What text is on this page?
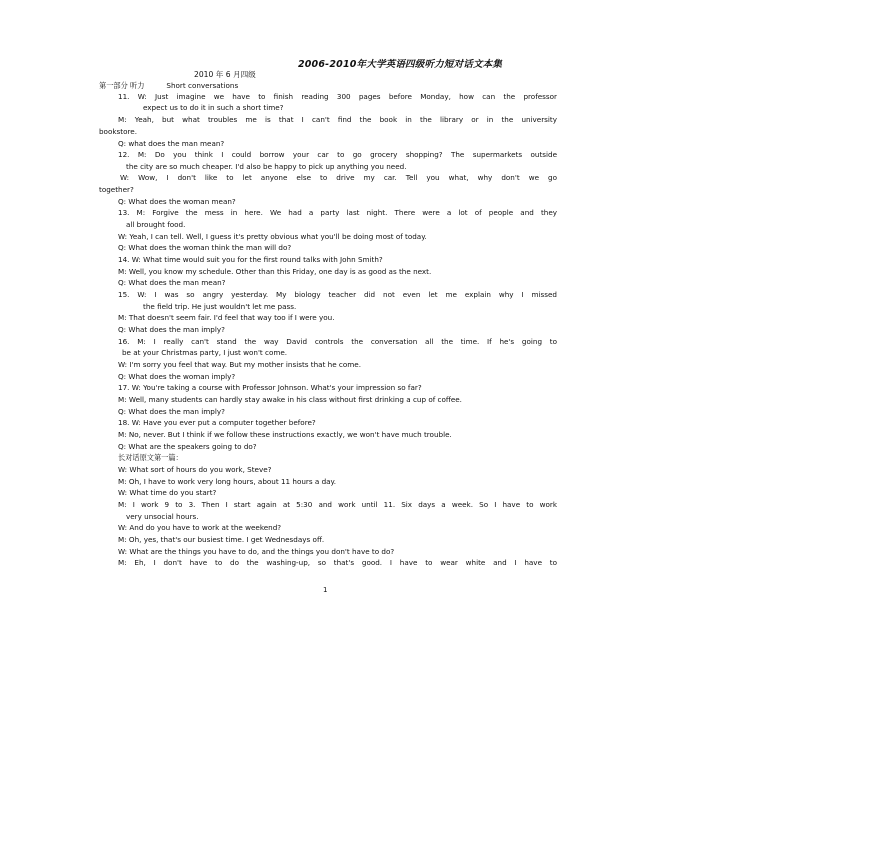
2006-2010年大学英语四级听力短对话文本集
2010 年 6 月四级
第一部分 听力	Short conversations
11. W: Just imagine we have to finish reading 300 pages before Monday, how can the professor
expect us to do it in such a short time?
M: Yeah, but what troubles me is that I can't find the book in the library or in the university
bookstore.
Q: what does the man mean?
12. M: Do you think I could borrow your car to go grocery shopping? The supermarkets outside
the city are so much cheaper. I'd also be happy to pick up anything you need.
W: Wow, I don't like to let anyone else to drive my car. Tell you what, why don't we go
together?
Q: What does the woman mean?
13. M: Forgive the mess in here. We had a party last night. There were a lot of people and they
all brought food.
W: Yeah, I can tell. Well, I guess it's pretty obvious what you'll be doing most of today.
Q: What does the woman think the man will do?
14. W: What time would suit you for the first round talks with John Smith?
M: Well, you know my schedule. Other than this Friday, one day is as good as the next.
Q: What does the man mean?
15. W: I was so angry yesterday. My biology teacher did not even let me explain why I missed
the field trip. He just wouldn't let me pass.
M: That doesn't seem fair. I'd feel that way too if I were you.
Q: What does the man imply?
16. M: I really can't stand the way David controls the conversation all the time. If he's going to
be at your Christmas party, I just won't come.
W: I'm sorry you feel that way. But my mother insists that he come.
Q: What does the woman imply?
17. W: You're taking a course with Professor Johnson. What's your impression so far?
M: Well, many students can hardly stay awake in his class without first drinking a cup of coffee.
Q: What does the man imply?
18. W: Have you ever put a computer together before?
M: No, never. But I think if we follow these instructions exactly, we won't have much trouble.
Q: What are the speakers going to do?
长对话原文第一篇：
W: What sort of hours do you work, Steve?
M: Oh, I have to work very long hours, about 11 hours a day.
W: What time do you start?
M: I work 9 to 3. Then I start again at 5:30 and work until 11. Six days a week. So I have to work
very unsocial hours.
W: And do you have to work at the weekend?
M: Oh, yes, that's our busiest time. I get Wednesdays off.
W: What are the things you have to do, and the things you don't have to do?
M: Eh, I don't have to do the washing-up, so that's good. I have to wear white and I have to
1
